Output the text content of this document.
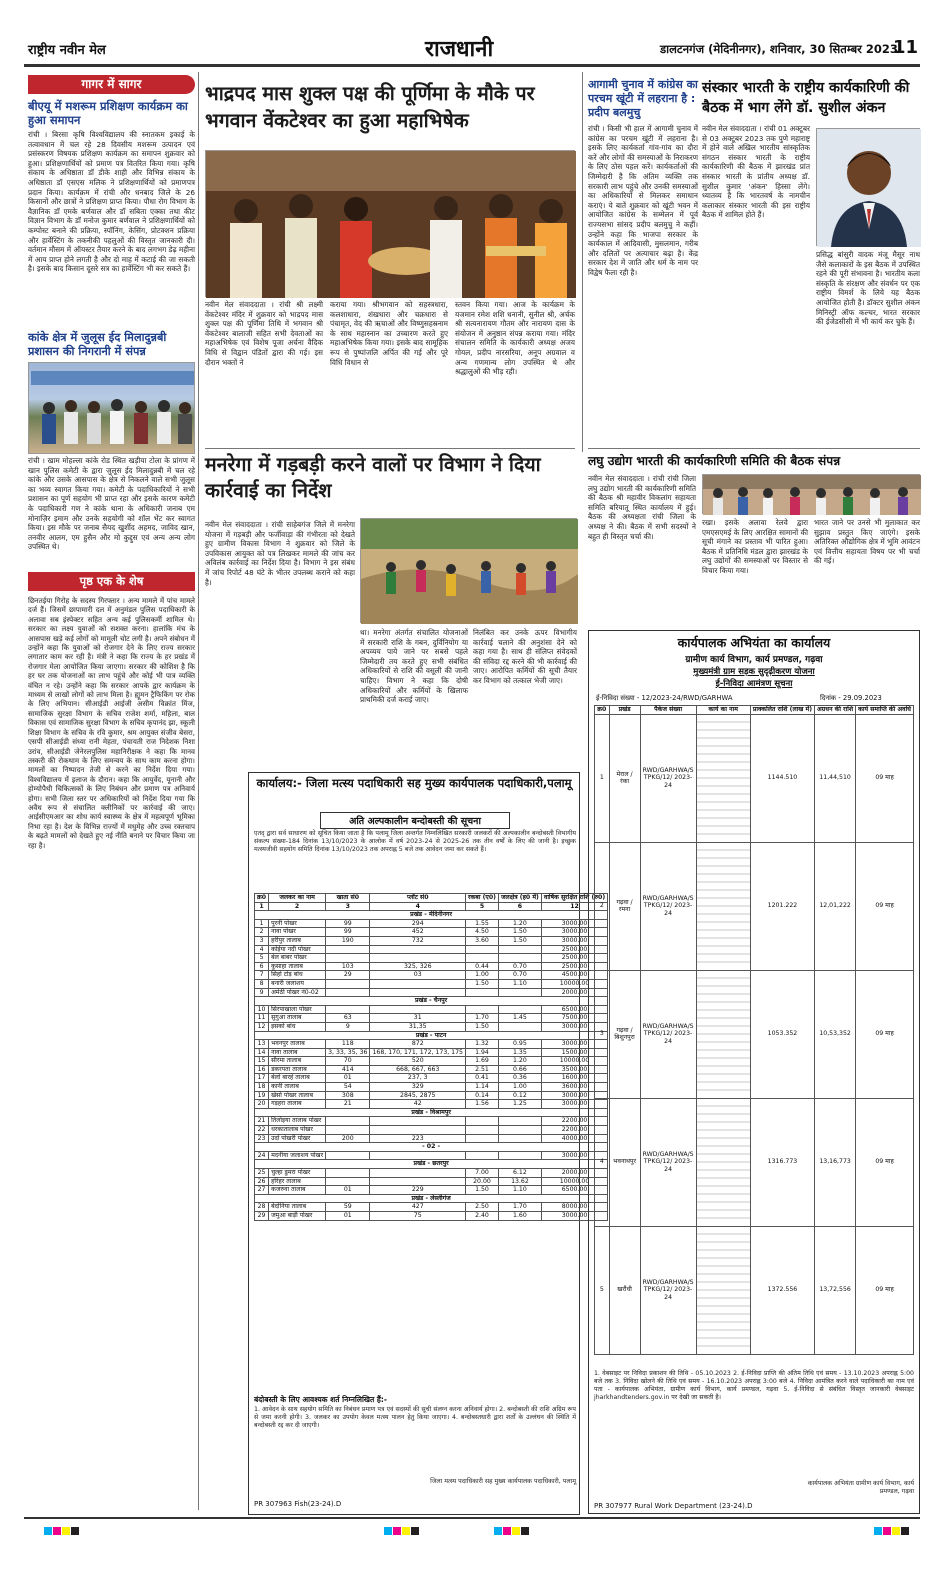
राष्ट्रीय नवीन मेल	राजधानी	डालटनगंज (मेदिनीनगर), शनिवार, 30 सितम्बर 2023
11
गागर में सागर
बीएयू में मशरूम प्रशिक्षण कार्यक्रम का हुआ समापन
रांची । बिरसा कृषि विश्वविद्यालय की स्नातकम इकाई के तत्वावधान में चल रहे 28 दिवसीय मशरूम उत्पादन एवं प्रसंस्करण विषयक प्रशिक्षण कार्यक्रम का समापन शुक्रवार को हुआ। प्रशिक्षणार्थियों को प्रमाण पत्र वितरित किया गया। कृषि संकाय के अधिष्ठाता डॉ डीके शाही और विभिन्न संकाय के अधिष्ठाता डॉ एसएस मलिक ने प्रशिक्षणार्थियों को प्रमाणपत्र प्रदान किया। कार्यक्रम में रांची और धनबाद जिले के 26 किसानों और छात्रों ने प्रशिक्षण प्राप्त किया। पौधा रोग विभाग के वैज्ञानिक डॉ एमके बर्णवाल और डॉ सबिता एक्का तथा कीट विज्ञान विभाग के डॉ मनोज कुमार बर्णवाल ने प्रशिक्षणार्थियों को कम्पोस्ट बनाने की प्रक्रिया, स्पॉनिंग, केसिंग, प्रोटक्शन प्रक्रिया और हार्वेस्टिंग के तकनीकी पहलुओं की विस्तृत जानकारी दी। वर्तमान मौसम में ऑयस्टर तैयार करने के बाद लगभग डेढ़ महीना में आय प्राप्त होने लगती है और दो माह में कटाई की जा सकती है। इसके बाद किसान दूसरे सत्र का हार्वेस्टिंग भी कर सकते हैं।
कांके क्षेत्र में जुलूस ईद मिलादुन्नबी प्रशासन की निगरानी में संपन्न
रांची । खाम मोहल्ला कांके रोड स्थित खड़ीया टोला के प्रांगण में खान पुलिस कमेटी के द्वारा जुलूस ईद मिलादुन्नबी में चल रहे कांके और उसके आसपास के क्षेत्र से निकलने वाले सभी जुलूस का भव्य स्वागत किया गया। कमेटी के पदाधिकारियों ने सभी प्रशासन का पूर्ण सहयोग भी प्राप्त रहा और इसके कारण कमेटी के पदाधिकारी गण ने कांके थाना के अधिकारी जनाब एम मोनाज़िर इमाम और उनके सहयोगी को शॉल भेंट कर स्वागत किया। इस मौके पर जनाब सैयद खुर्शीद अहमद, जाविद खान, तनवीर आलम, एम हुसैन और मो कुद्दुस एवं अन्य अन्य लोग उपस्थित थे।
पृष्ठ एक के शेष
छिनतईया गिरोह के सदस्य गिरफ्तार । अन्य मामले में पांच मामले दर्ज हैं। जिसमें छापामारी दल में अनुमंडल पुलिस पदाधिकारी के अलावा सब इंस्पेक्टर सहित अन्य कई पुलिसकर्मी शामिल थे। सरकार का लक्ष्य युवाओं को सशक्त करना। हालांकि मंच के आसपास खड़े कई लोगों को मामूली चोट लगी है। अपने संबोधन में उन्होंने कहा कि युवाओं को रोजगार देने के लिए राज्य सरकार लगातार काम कर रही है। मंत्री ने कहा कि राज्य के हर प्रखंड में रोजगार मेला आयोजित किया जाएगा। सरकार की कोशिश है कि हर घर तक योजनाओं का लाभ पहुंचे और कोई भी पात्र व्यक्ति वंचित न रहे। उन्होंने कहा कि सरकार आपके द्वार कार्यक्रम के माध्यम से लाखों लोगों को लाभ मिला है। ह्यूमन ट्रैफिकिंग पर रोक के लिए अभियान। सीआईडी आईजी असीम विक्रांत मिंज, सामाजिक सुरक्षा विभाग के सचिव राजेश शर्मा, महिला, बाल विकास एवं सामाजिक सुरक्षा विभाग के सचिव कृपानंद झा, स्कूली शिक्षा विभाग के सचिव के रवि कुमार, श्रम आयुक्त संजीव बेसरा, एसपी सीआईडी संध्या रानी मेहता, पंचायती राज निदेशक निशा उरांव, सीआईडी जेनेरलपुलिस महानिरीक्षक ने कहा कि मानव तस्करी की रोकथाम के लिए समन्वय के साथ काम करना होगा। मामलों का निष्पादन तेजी से करने का निर्देश दिया गया। विश्वविद्यालय में इलाज के दौरान। कहा कि आयुर्वेद, यूनानी और होम्योपैथी चिकित्सकों के लिए निबंधन और प्रमाण पत्र अनिवार्य होगा। सभी जिला स्तर पर अधिकारियों को निर्देश दिया गया कि अवैध रूप से संचालित क्लीनिकों पर कार्रवाई की जाए। आईसीएमआर का शोध कार्य स्वास्थ्य के क्षेत्र में महत्वपूर्ण भूमिका निभा रहा है। देश के विभिन्न राज्यों में मधुमेह और उच्च रक्तचाप के बढ़ते मामलों को देखते हुए नई नीति बनाने पर विचार किया जा रहा है।
भाद्रपद मास शुक्ल पक्ष की पूर्णिमा के मौके पर भगवान वेंकटेश्वर का हुआ महाभिषेक
नवीन मेल संवाददाता । रांची श्री लक्ष्मी वेंकटेश्वर मंदिर में शुक्रवार को भाद्रपद मास शुक्ल पक्ष की पूर्णिमा तिथि में भगवान श्री वेंकटेश्वर बालाजी सहित सभी देवताओं का महाअभिषेक एवं विशेष पूजा अर्चना वैदिक विधि से विद्वान पंडितों द्वारा की गई। इस दौरान भक्तों ने
कराया गया। श्रीभगवान को सहस्त्रधारा, कलशाधारा, शंखधारा और चक्रधारा से पंचामृत, वेद की ऋचाओं और विष्णुसहस्रनाम के साथ महास्नान का उच्चारण करते हुए महाअभिषेक किया गया। इसके बाद सामूहिक रूप से पुष्पांजलि अर्पित की गई और पूरे विधि विधान से
स्तवन किया गया। आज के कार्यक्रम के यजमान रमेश शशि धनानी, सुनील श्री, अर्चक श्री सत्यनारायण गौतम और नारायण दास के संयोजन में अनुष्ठान संपन्न कराया गया। मंदिर संचालन समिति के कार्यकारी अध्यक्ष अजय गोयल, प्रदीप नारसरिया, अनूप अग्रवाल व अन्य गणमान्य लोग उपस्थित थे और श्रद्धालुओं की भीड़ रही।
मनरेगा में गड़बड़ी करने वालों पर विभाग ने दिया कार्रवाई का निर्देश
नवीन मेल संवाददाता । रांची साहेबगंज जिले में मनरेगा योजना में गड़बड़ी और फर्जीवाड़ा की गंभीरता को देखते हुए ग्रामीण विकास विभाग ने शुक्रवार को जिले के उपविकास आयुक्त को पत्र लिखकर मामले की जांच कर अविलंब कार्रवाई का निर्देश दिया है। विभाग ने इस संबंध में जांच रिपोर्ट 48 घंटे के भीतर उपलब्ध कराने को कहा है।
था। मनरेगा अंतर्गत संचालित योजनाओं में सरकारी राशि के गबन, दुर्विनियोग या अपव्यय पाये जाने पर सबसे पहले जिम्मेदारी तय करते हुए सभी संबंधित अधिकारियों से राशि की वसूली की जानी चाहिए। विभाग ने कहा कि दोषी अधिकारियों और कर्मियों के खिलाफ प्राथमिकी दर्ज कराई जाए।
निलंबित कर उनके ऊपर विभागीय कार्रवाई चलाने की अनुशंसा देने को कहा गया है। साथ ही संलिप्त संवेदकों की संविदा रद्द करने की भी कार्रवाई की जाए। आरोपित कर्मियों की सूची तैयार कर विभाग को तत्काल भेजी जाए।
आगामी चुनाव में कांग्रेस का परचम खूंटी में लहराना है : प्रदीप बलमुचु
रांची । किसी भी हाल में आगामी चुनाव में कांग्रेस का परचम खूंटी में लहराना है। इसके लिए कार्यकर्ता गांव-गांव का दौरा करें और लोगों की समस्याओं के निराकरण के लिए ठोस पहल करें। कार्यकर्ताओं की जिम्मेदारी है कि अंतिम व्यक्ति तक सरकारी लाभ पहुंचे और उनकी समस्याओं का अधिकारियों से मिलकर समाधान कराएं। ये बातें शुक्रवार को खूंटी भवन में आयोजित कांग्रेस के सम्मेलन में पूर्व राज्यसभा सांसद प्रदीप बलमुचु ने कहीं। उन्होंने कहा कि भाजपा सरकार के कार्यकाल में आदिवासी, मुसलमान, गरीब और दलितों पर अत्याचार बढ़ा है। केंद्र सरकार देश में जाति और धर्म के नाम पर विद्वेष फैला रही है।
कार्यालय:- जिला मत्स्य पदाधिकारी सह मुख्य कार्यपालक पदाधिकारी,पलामू
अति अल्पकालीन बन्दोबस्ती की सूचना
एतद् द्वारा सर्व साधारण को सूचित किया जाता है कि पलामू जिला अन्तर्गत निम्नलिखित सरकारी जलकरों की अल्पकालीन बन्दोबस्ती विभागीय संकल्प संख्या-184 दिनांक 13/10/2023 के आलोक में वर्ष 2023-24 से 2025-26 तक तीन वर्षों के लिए की जानी है। इच्छुक मत्स्यजीवी सहयोग समिति दिनांक 13/10/2023 तक अपराह्न 5 बजे तक आवेदन जमा कर सकते हैं।
क्र0	जलकर का नाम	खाता सं0	प्लॉट सं0	रकबा (ए0)	जलक्षेत्र (ह0 में)	वार्षिक सुरक्षित राशि (रु0)
1	2	3	4	5	6	12
प्रखंड - मेदिनीनगर						
1	पुरनी पोखर	99	294	1.55	1.20	3000.00
2	नावा पोखर	99	452	4.50	1.50	3000.00
3	हरीपुर तालाब	190	732	3.60	1.50	3000.00
4	कोईया नदी पोखर					2500.00
5	बेल बाबर पोखर					2500.00
6	कुसाहा तालाब	103	325, 326	0.44	0.70	2500.00
7	सिहो टोड़ बांध	29	03	1.00	0.70	4500.00
8	बनारी जलाशय			1.50	1.10	10000.00
9	अमेठी पोखर नं0-02					2000.00
प्रखंड - चैनपुर						
10	सिरपाखाला पोखर					6500.00
11	सुगुआ तालाब	63	31	1.70	1.45	7500.00
12	इसको बांध	9	31,35	1.50		3000.00
प्रखंड - पाटन						
13	भवनपुर तालाब	118	872	1.32	0.95	3000.00
14	नावा तालाब	3, 33, 35, 36	168, 170, 171, 172, 173, 175	1.94	1.35	1500.00
15	सीरमा तालाब	70	520	1.69	1.20	10000.00
16	डकरपता तालाब	414	668, 667, 663	2.51	0.66	3500.00
17	बेलो बारहे तालाब	01	237, 3	0.41	0.36	1600.00
18	कानी तालाब	54	329	1.14	1.00	3600.00
19	खेसो पोखर तालाब	308	2845, 2875	0.14	0.12	3000.00
20	गड़हरा तालाब	21	42	1.56	1.25	3000.00
प्रखंड - विश्रामपुर						
21	तिलोइया तालाब पोखर					2200.00
22	धरकातालाब पोखर					2200.00
23	उर्दा पोखरी पोखर	200	223			4000.00
- 02 -						
24	मदनीया जलाशय पोखर					3000.00
प्रखंड - छतरपुर						
25	चुल्हा डुमरा पोखर			7.00	6.12	2000.00
26	हरिहर तालाब			20.00	13.62	10000.00
27	कजरुवा तालाब	01	229	1.50	1.10	6500.00
प्रखंड - लेस्लीगंज						
28	बेदोनिया तालाब	59	427	2.50	1.70	8000.00
29	जमुआ बाड़ी पोखर	01	75	2.40	1.60	3000.00
बंदोबस्ती के लिए आवश्यक शर्त निम्नलिखित हैं:-
1. आवेदन के साथ सहयोग समिति का निबंधन प्रमाण पत्र एवं सदस्यों की सूची संलग्न करना अनिवार्य होगा। 2. बन्दोबस्ती की राशि अग्रिम रूप से जमा करनी होगी। 3. जलकर का उपयोग केवल मत्स्य पालन हेतु किया जाएगा। 4. बन्दोबस्तधारी द्वारा शर्तों के उल्लंघन की स्थिति में बन्दोबस्ती रद्द कर दी जाएगी।
जिला मत्स्य पदाधिकारी सह मुख्य कार्यपालक पदाधिकारी, पलामू
PR 307963 Fish(23-24).D
संस्कार भारती के राष्ट्रीय कार्यकारिणी की बैठक में भाग लेंगे डॉ. सुशील अंकन
नवीन मेल संवाददाता । रांची 01 अक्टूबर से 03 अक्टूबर 2023 तक पुणे महाराष्ट्र में होने वाले अखिल भारतीय सांस्कृतिक संगठन संस्कार भारती के राष्ट्रीय कार्यकारिणी की बैठक में झारखंड प्रांत संस्कार भारती के प्रांतीय अध्यक्ष डॉ. सुशील कुमार 'अंकन' हिस्सा लेंगे। ध्यातव्य है कि भारतवर्ष के नामचीन कलाकार संस्कार भारती की इस राष्ट्रीय बैठक में शामिल होते हैं।
प्रसिद्ध बांसुरी वादक मंजू मैसूर नाथ जैसे कलाकारों के इस बैठक में उपस्थित रहने की पूरी संभावना है। भारतीय कला संस्कृति के संरक्षण और संवर्धन पर एक राष्ट्रीय विमर्श के लिये यह बैठक आयोजित होती है। डॉक्टर सुशील अंकन मिनिस्ट्री ऑफ कल्चर, भारत सरकार की ईजेडसीसी में भी कार्य कर चुके हैं।
लघु उद्योग भारती की कार्यकारिणी समिति की बैठक संपन्न
नवीन मेल संवाददाता । रांची रांची जिला लघु उद्योग भारती की कार्यकारिणी समिति की बैठक श्री महावीर विकलांग सहायता समिति बरियातू स्थित कार्यालय में हुई। बैठक की अध्यक्षता रांची जिला के अध्यक्ष ने की। बैठक में सभी सदस्यों ने बहुत ही विस्तृत चर्चा की।
रखा। इसके अलावा रेलवे द्वारा एमएसएमई के लिए आरक्षित सामानों की सूची मंगाने का प्रस्ताव भी पारित हुआ। बैठक में प्रतिनिधि मंडल द्वारा झारखंड के लघु उद्योगों की समस्याओं पर विस्तार से विचार किया गया।
भारत जाने पर उनसे भी मुलाकात कर सुझाव प्रस्तुत किए जाएंगे। इसके अतिरिक्त औद्योगिक क्षेत्र में भूमि आवंटन एवं वित्तीय सहायता विषय पर भी चर्चा की गई।
कार्यपालक अभियंता का कार्यालय
ग्रामीण कार्य विभाग, कार्य प्रमण्डल, गढ़वा
मुख्यमंत्री ग्राम सड़क सुदृढ़ीकरण योजना
ई-निविदा आमंत्रण सूचना
ई-निविदा संख्या - 12/2023-24/RWD/GARHWA	दिनांक - 29.09.2023
क्र0	प्रखंड	पैकेज संख्या	कार्य का नाम	प्राक्कलित राशि (लाख में)	अग्रधन की राशि	कार्य समाप्ति की अवधि
1	मेराल / रंका	RWD/GARHWA/S TPKG/12/ 2023-24		1144.510	11,44,510	09 माह
2	गढ़वा / रमना	RWD/GARHWA/S TPKG/12/ 2023-24		1201.222	12,01,222	09 माह
3	गढ़वा / बिशुनपुरा	RWD/GARHWA/S TPKG/12/ 2023-24		1053.352	10,53,352	09 माह
4	भवनाथपुर	RWD/GARHWA/S TPKG/12/ 2023-24		1316.773	13,16,773	09 माह
5	खरौंधी	RWD/GARHWA/S TPKG/12/ 2023-24		1372.556	13,72,556	09 माह
1. वेबसाइट पर निविदा प्रकाशन की तिथि - 05.10.2023 2. ई-निविदा प्राप्ति की अंतिम तिथि एवं समय - 13.10.2023 अपराह्न 5:00 बजे तक 3. निविदा खोलने की तिथि एवं समय - 16.10.2023 अपराह्न 3:00 बजे 4. निविदा आमंत्रित करने वाले पदाधिकारी का नाम एवं पता - कार्यपालक अभियंता, ग्रामीण कार्य विभाग, कार्य प्रमण्डल, गढ़वा 5. ई-निविदा से संबंधित विस्तृत जानकारी वेबसाइट jharkhandtenders.gov.in पर देखी जा सकती है।
कार्यपालक अभियंता ग्रामीण कार्य विभाग, कार्य प्रमण्डल, गढ़वा
PR 307977 Rural Work Department (23-24).D
